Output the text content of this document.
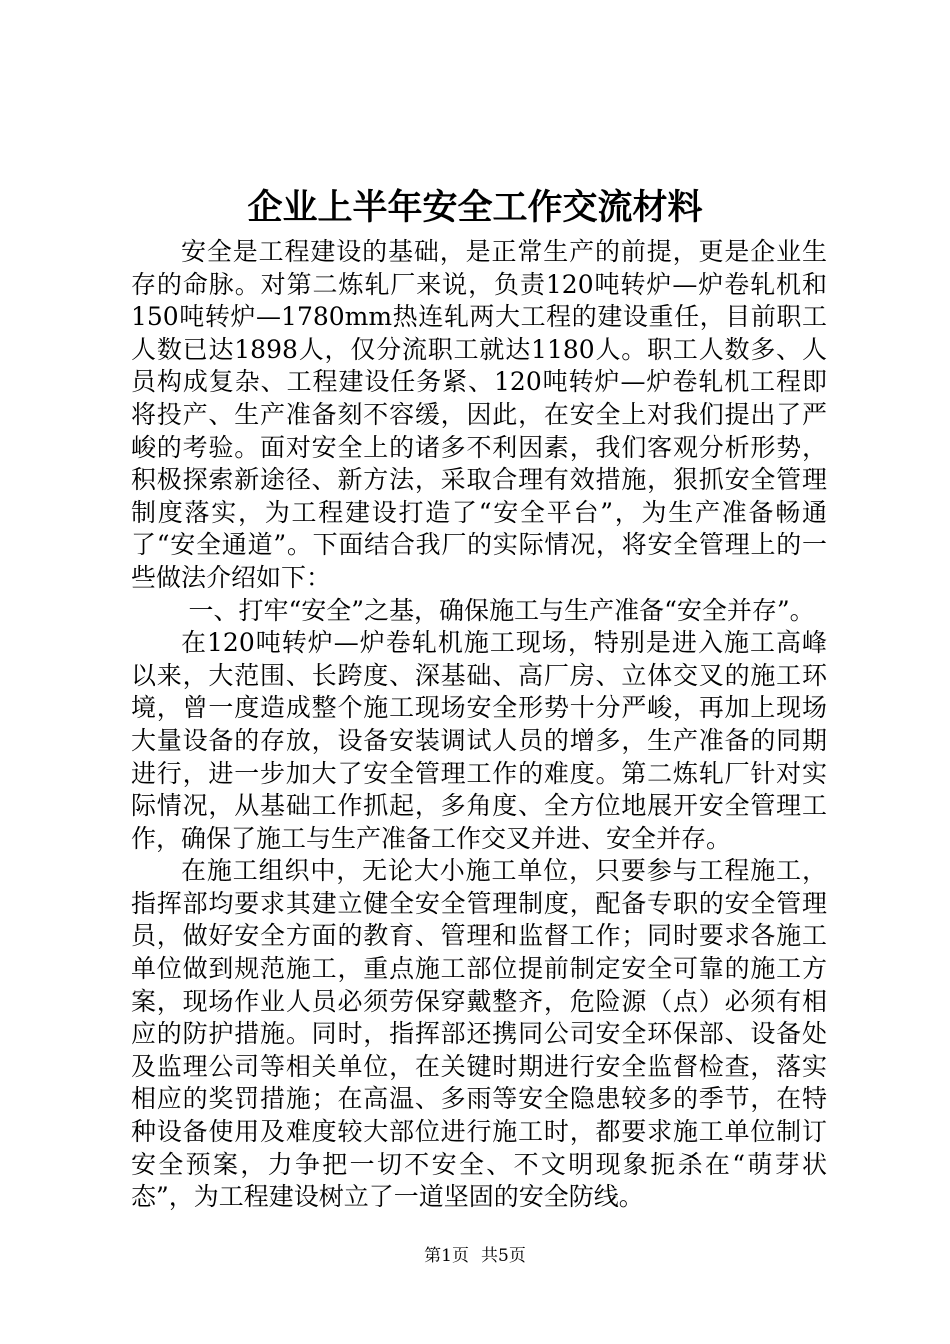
企业上半年安全工作交流材料

安全是工程建设的基础，是正常生产的前提，更是企业生存的命脉。对第二炼轧厂来说，负责120吨转炉—炉卷轧机和150吨转炉—1780mm热连轧两大工程的建设重任，目前职工人数已达1898人，仅分流职工就达1180人。职工人数多、人员构成复杂、工程建设任务紧、120吨转炉—炉卷轧机工程即将投产、生产准备刻不容缓，因此，在安全上对我们提出了严峻的考验。面对安全上的诸多不利因素，我们客观分析形势，积极探索新途径、新方法，采取合理有效措施，狠抓安全管理制度落实，为工程建设打造了“安全平台”，为生产准备畅通了“安全通道”。下面结合我厂的实际情况，将安全管理上的一些做法介绍如下：

一、打牢“安全”之基，确保施工与生产准备“安全并存”。

在120吨转炉—炉卷轧机施工现场，特别是进入施工高峰以来，大范围、长跨度、深基础、高厂房、立体交叉的施工环境，曾一度造成整个施工现场安全形势十分严峻，再加上现场大量设备的存放，设备安装调试人员的增多，生产准备的同期进行，进一步加大了安全管理工作的难度。第二炼轧厂针对实际情况，从基础工作抓起，多角度、全方位地展开安全管理工作，确保了施工与生产准备工作交叉并进、安全并存。

在施工组织中，无论大小施工单位，只要参与工程施工，指挥部均要求其建立健全安全管理制度，配备专职的安全管理员，做好安全方面的教育、管理和监督工作；同时要求各施工单位做到规范施工，重点施工部位提前制定安全可靠的施工方案，现场作业人员必须劳保穿戴整齐，危险源（点）必须有相应的防护措施。同时，指挥部还携同公司安全环保部、设备处及监理公司等相关单位，在关键时期进行安全监督检查，落实相应的奖罚措施；在高温、多雨等安全隐患较多的季节，在特种设备使用及难度较大部位进行施工时，都要求施工单位制订安全预案，力争把一切不安全、不文明现象扼杀在“萌芽状态”，为工程建设树立了一道坚固的安全防线。

第1页 共5页
